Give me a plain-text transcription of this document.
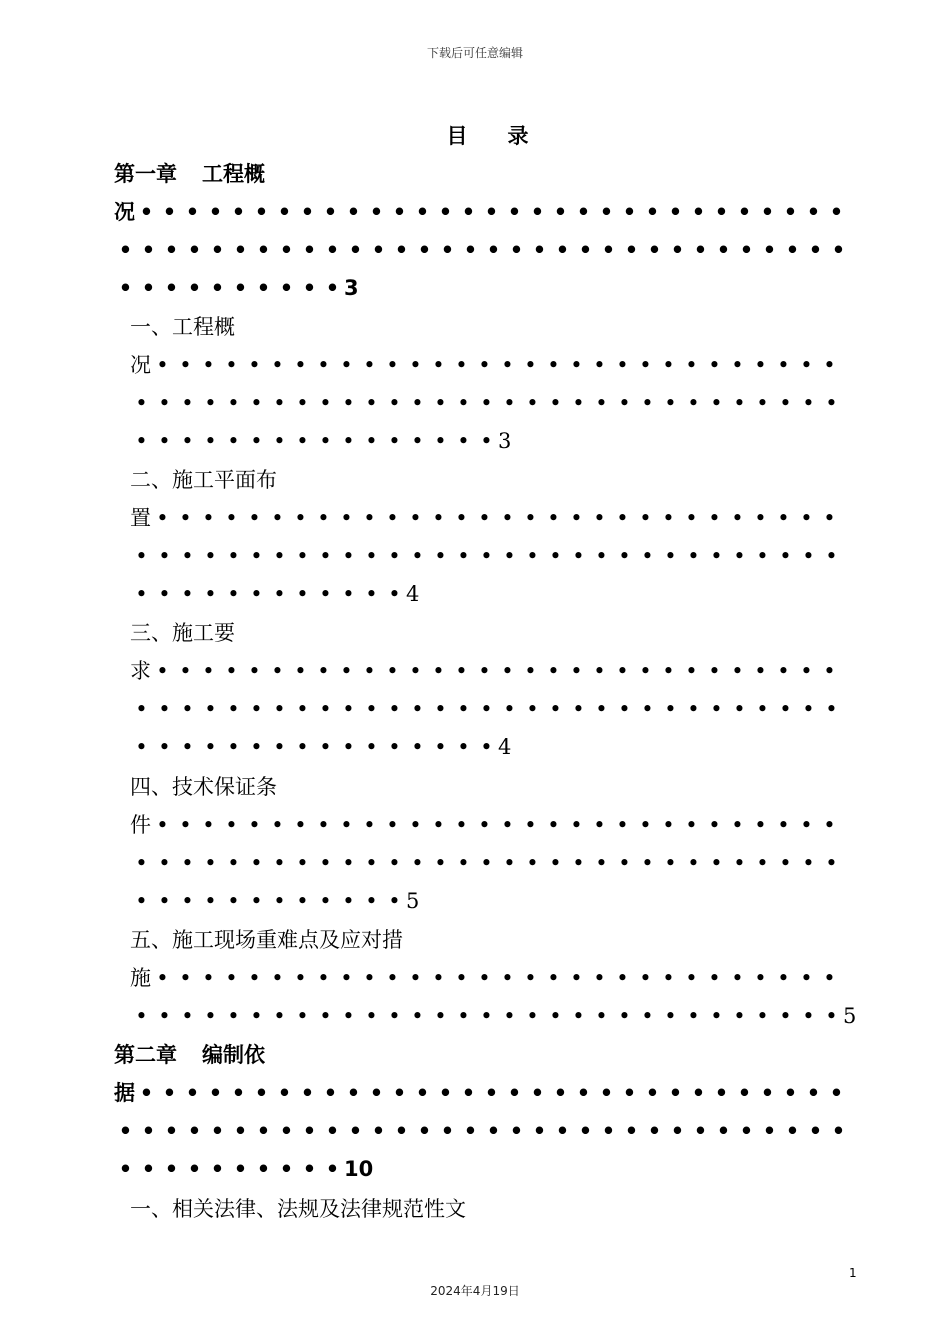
下载后可任意编辑
目 录
第一章 工程概
况 • • • • • • • • • • • • • • • • • • • • • • • • • • • • • • •
• • • • • • • • • • • • • • • • • • • • • • • • • • • • • • • •
• • • • • • • • • • 3
一、工程概
况 • • • • • • • • • • • • • • • • • • • • • • • • • • • • • •
• • • • • • • • • • • • • • • • • • • • • • • • • • • • • • •
• • • • • • • • • • • • • • • • 3
二、施工平面布
置 • • • • • • • • • • • • • • • • • • • • • • • • • • • • • •
• • • • • • • • • • • • • • • • • • • • • • • • • • • • • • •
• • • • • • • • • • • • 4
三、施工要
求 • • • • • • • • • • • • • • • • • • • • • • • • • • • • • •
• • • • • • • • • • • • • • • • • • • • • • • • • • • • • • •
• • • • • • • • • • • • • • • • 4
四、技术保证条
件 • • • • • • • • • • • • • • • • • • • • • • • • • • • • • •
• • • • • • • • • • • • • • • • • • • • • • • • • • • • • • •
• • • • • • • • • • • • 5
五、施工现场重难点及应对措
施 • • • • • • • • • • • • • • • • • • • • • • • • • • • • • •
• • • • • • • • • • • • • • • • • • • • • • • • • • • • • • • 5
第二章 编制依
据 • • • • • • • • • • • • • • • • • • • • • • • • • • • • • • •
• • • • • • • • • • • • • • • • • • • • • • • • • • • • • • • •
• • • • • • • • • • 10
一、相关法律、法规及法律规范性文
1
2024年4月19日
